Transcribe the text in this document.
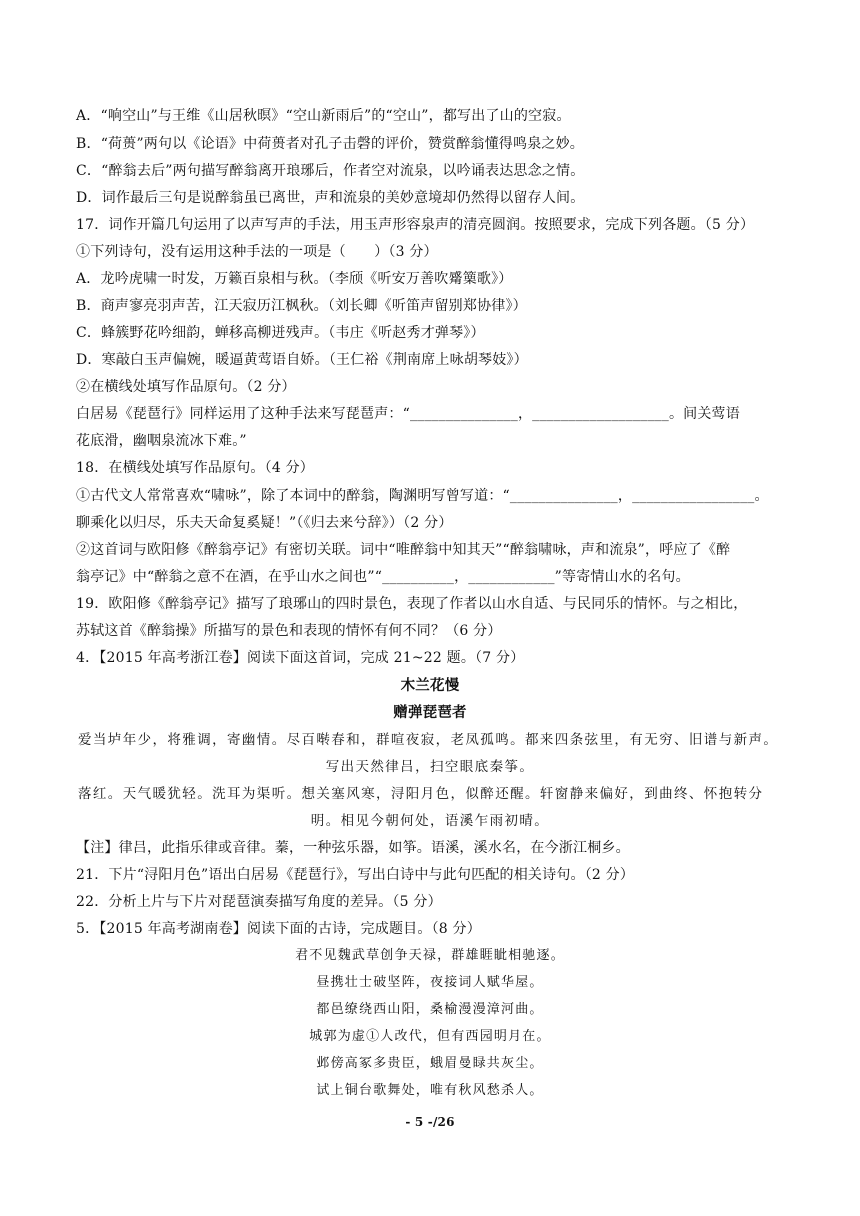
A．“响空山”与王维《山居秋暝》“空山新雨后”的“空山”，都写出了山的空寂。
B．“荷蒉”两句以《论语》中荷蒉者对孔子击磬的评价，赞赏醉翁懂得鸣泉之妙。
C．“醉翁去后”两句描写醉翁离开琅琊后，作者空对流泉，以吟诵表达思念之情。
D．词作最后三句是说醉翁虽已离世，声和流泉的美妙意境却仍然得以留存人间。
17．词作开篇几句运用了以声写声的手法，用玉声形容泉声的清亮圆润。按照要求，完成下列各题。（5 分）
①下列诗句，没有运用这种手法的一项是（　　）（3 分）
A．龙吟虎啸一时发，万籁百泉相与秋。（李颀《听安万善吹觱篥歌》）
B．商声寥亮羽声苦，江天寂历江枫秋。（刘长卿《听笛声留别郑协律》）
C．蜂簇野花吟细韵，蝉移高柳迸残声。（韦庄《听赵秀才弹琴》）
D．寒敲白玉声偏婉，暖逼黄莺语自娇。（王仁裕《荆南席上咏胡琴妓》）
②在横线处填写作品原句。（2 分）
白居易《琵琶行》同样运用了这种手法来写琵琶声：“_______________，___________________。间关莺语
花底滑，幽咽泉流冰下难。”
18．在横线处填写作品原句。（4 分）
①古代文人常常喜欢“啸咏”，除了本词中的醉翁，陶渊明写曾写道：“_______________，_________________。
聊乘化以归尽，乐夫天命复奚疑！”（《归去来兮辞》）（2 分）
②这首词与欧阳修《醉翁亭记》有密切关联。词中“唯醉翁中知其天”“醉翁啸咏，声和流泉”，呼应了《醉
翁亭记》中“醉翁之意不在酒，在乎山水之间也”“__________，____________”等寄情山水的名句。
19．欧阳修《醉翁亭记》描写了琅琊山的四时景色，表现了作者以山水自适、与民同乐的情怀。与之相比，
苏轼这首《醉翁操》所描写的景色和表现的情怀有何不同？（6 分）
4．【2015 年高考浙江卷】阅读下面这首词，完成 21~22 题。（7 分）
木兰花慢
赠弹琵琶者
爱当垆年少，将雅调，寄幽情。尽百啭春和，群喧夜寂，老凤孤鸣。都来四条弦里，有无穷、旧谱与新声。
写出天然律吕，扫空眼底秦筝。
落红。天气暖犹轻。洗耳为渠听。想关塞风寒，浔阳月色，似醉还醒。轩窗静来偏好，到曲终、怀抱转分
明。相见今朝何处，语溪乍雨初晴。
【注】律吕，此指乐律或音律。蓁，一种弦乐器，如筝。语溪，溪水名，在今浙江桐乡。
21．下片“浔阳月色”语出白居易《琵琶行》，写出白诗中与此句匹配的相关诗句。（2 分）
22．分析上片与下片对琵琶演奏描写角度的差异。（5 分）
5．【2015 年高考湖南卷】阅读下面的古诗，完成题目。（8 分）
君不见魏武草创争天禄，群雄睚眦相驰逐。
昼携壮士破坚阵，夜接词人赋华屋。
都邑缭绕西山阳，桑榆漫漫漳河曲。
城郭为虚①人改代，但有西园明月在。
邺傍高冢多贵臣，蛾眉曼睩共灰尘。
试上铜台歌舞处，唯有秋风愁杀人。
- 5 -/26
